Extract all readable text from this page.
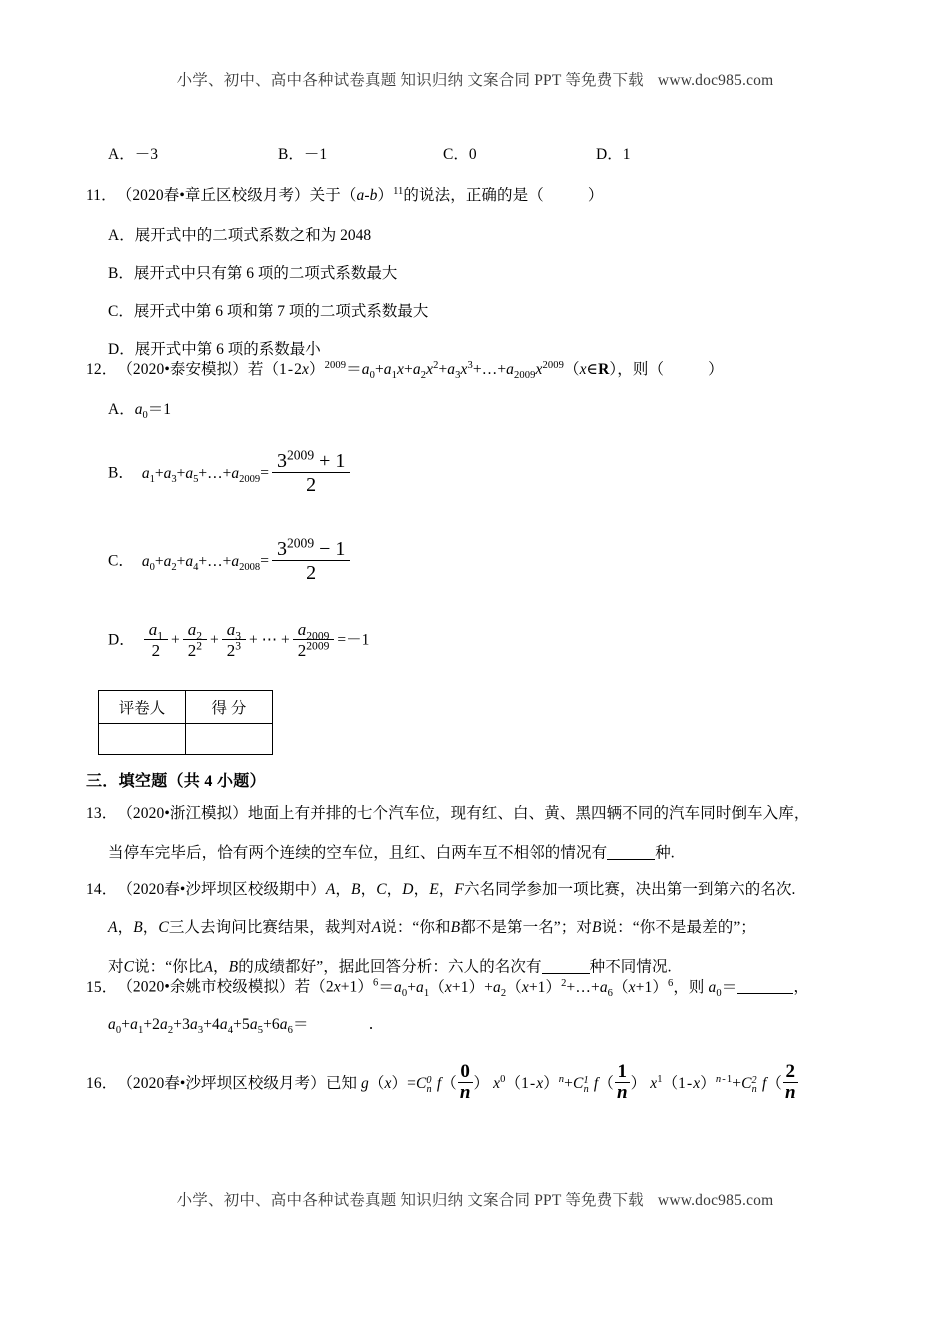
小学、初中、高中各种试卷真题 知识归纳 文案合同 PPT 等免费下载 www.doc985.com
A．－3	B．－1	C．0	D．1
11．（2020春•章丘区校级月考）关于$(a-b)^{11}$的说法，正确的是（	）
A．展开式中的二项式系数之和为 2048
B．展开式中只有第 6 项的二项式系数最大
C．展开式中第 6 项和第 7 项的二项式系数最大
D．展开式中第 6 项的系数最小
12．（2020•泰安模拟）若$(1-2x)^{2009}=a_0+a_1x+a_2x^2+a_3x^3+\dots+a_{2009}x^{2009}(x\in R)$，则（	）
A．$a_0=1$
B． $a_1+a_3+a_5+\dots+a_{2009}= \frac{3^{2009} + 1}{2}$
C． $a_0+a_2+a_4+\dots+a_{2008}= \frac{3^{2009} - 1}{2}$
D． $\frac{a_1}{2} + \frac{a_2}{2^2} + \frac{a_3}{2^3}$ + ⋯ + $\frac{a_{2009}}{2^{2009}} =-1$
评卷人	得 分

三．填空题（共 4 小题）
13．（2020•浙江模拟）地面上有并排的七个汽车位，现有红、白、黄、黑四辆不同的汽车同时倒车入库，
当停车完毕后，恰有两个连续的空车位，且红、白两车互不相邻的情况有	种.
14．（2020春•沙坪坝区校级期中）A，B，C，D，E，F六名同学参加一项比赛，决出第一到第六的名次.
A，B，C三人去询问比赛结果，裁判对A说：“你和B都不是第一名”；对B说：“你不是最差的”；
对C说：“你比A，B的成绩都好”，据此回答分析：六人的名次有	种不同情况.
15．（2020•余姚市校级模拟）若$(2x+1)^6=a_0+a_1(x+1)+a_2(x+1)^2+\dots+a_6(x+1)^6$，则 $a_0=$	，
$a_0+a_1+2a_2+3a_3+4a_4+5a_5+6a_6=$	．
16．（2020春•沙坪坝区校级月考）已知 $g(x)=C^0_n$ $f( \frac{0}{n}$ ） $x^0(1-x)^n+C^1_n$ $f( \frac{1}{n}$ ） $x^1(1-x)^{n-1}+C^2_n$ $f( \frac{2}{n}$
小学、初中、高中各种试卷真题 知识归纳 文案合同 PPT 等免费下载 www.doc985.com
